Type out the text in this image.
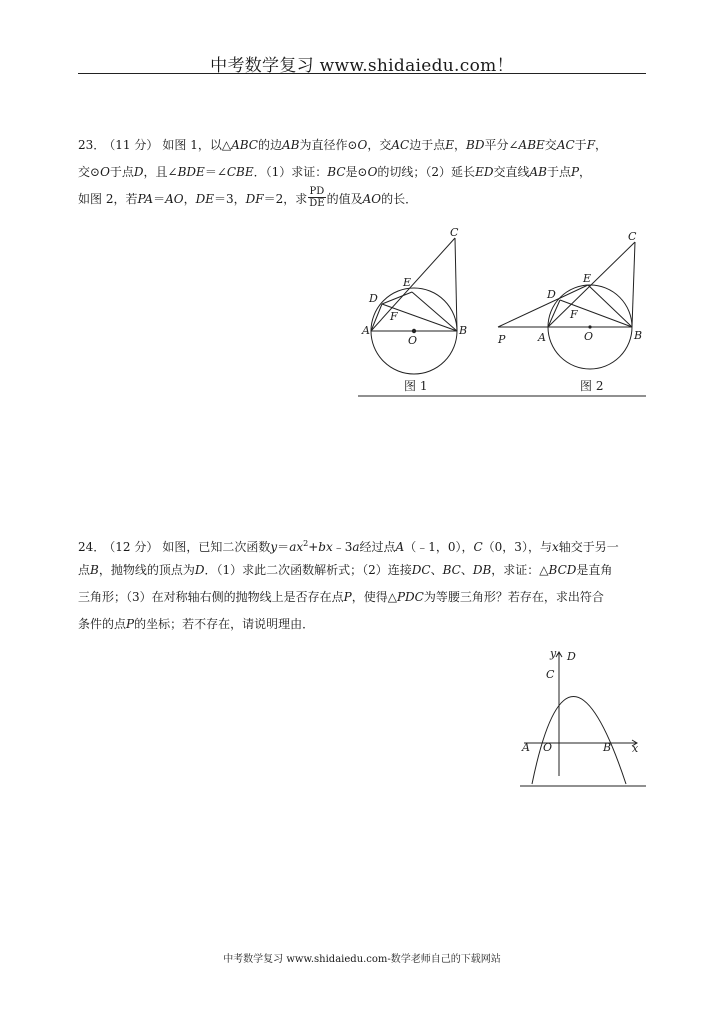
中考数学复习 www.shidaiedu.com！
23． （11 分） 如图 1，以△ABC的边AB为直径作⊙O，交AC边于点E，BD平分∠ABE交AC于F，
交⊙O于点D，且∠BDE＝∠CBE．（1）求证：BC是⊙O的切线；（2）延长ED交直线AB于点P，
如图 2，若PA＝AO，DE＝3，DF＝2，求 $\frac{PD}{DE}$ 的值及AO的长．
A	B
C
D
E
F
O	P	A	B
C
D
E
F
O
图 1	图 2
24． （12 分） 如图，已知二次函数$y=ax^2+bx﹣3a$经过点A（﹣1，0），C（0，3），与x轴交于另一
点B，抛物线的顶点为D．（1）求此二次函数解析式；（2）连接DC、BC、DB，求证：△BCD是直角
三角形；（3）在对称轴右侧的抛物线上是否存在点P，使得△PDC为等腰三角形？若存在，求出符合
条件的点P的坐标；若不存在，请说明理由．
y
x
A O	B
C
D
中考数学复习 www.shidaiedu.com-数学老师自己的下载网站
